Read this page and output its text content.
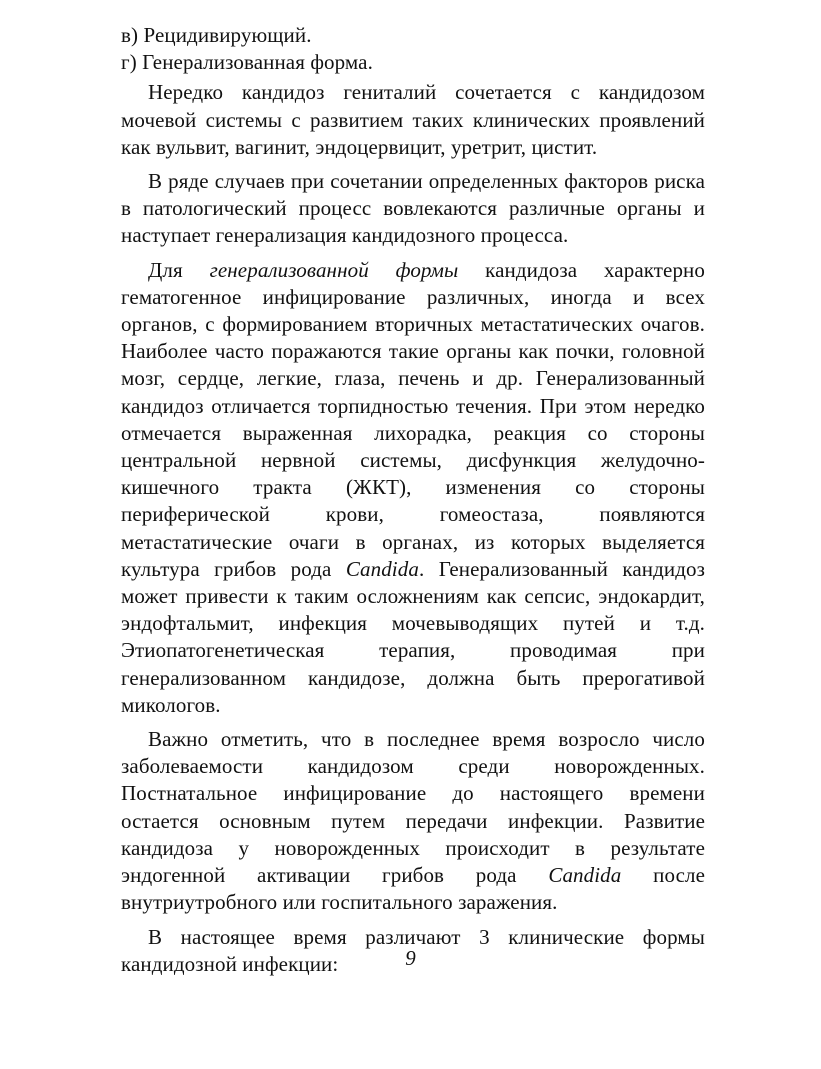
в) Рецидивирующий.

г) Генерализованная форма.

Нередко кандидоз гениталий сочетается с кандидозом мочевой системы с развитием таких клинических проявлений как вульвит, вагинит, эндоцервицит, уретрит, цистит.

В ряде случаев при сочетании определенных факторов риска в патологический процесс вовлекаются различные органы и наступает генерализация кандидозного процесса.

Для генерализованной формы кандидоза характерно гематогенное инфицирование различных, иногда и всех органов, с формированием вторичных метастатических очагов. Наиболее часто поражаются такие органы как почки, головной мозг, сердце, легкие, глаза, печень и др. Генерализованный кандидоз отличается торпидностью течения. При этом нередко отмечается выраженная лихорадка, реакция со стороны центральной нервной системы, дисфункция желудочно-кишечного тракта (ЖКТ), изменения со стороны периферической крови, гомеостаза, появляются метастатические очаги в органах, из которых выделяется культура грибов рода Candida. Генерализованный кандидоз может привести к таким осложнениям как сепсис, эндокардит, эндофтальмит, инфекция мочевыводящих путей и т.д. Этиопатогенетическая терапия, проводимая при генерализованном кандидозе, должна быть прерогативой микологов.

Важно отметить, что в последнее время возросло число заболеваемости кандидозом среди новорожденных. Постнатальное инфицирование до настоящего времени остается основным путем передачи инфекции. Развитие кандидоза у новорожденных происходит в результате эндогенной активации грибов рода Candida после внутриутробного или госпитального заражения.

В настоящее время различают 3 клинические формы кандидозной инфекции:	9
